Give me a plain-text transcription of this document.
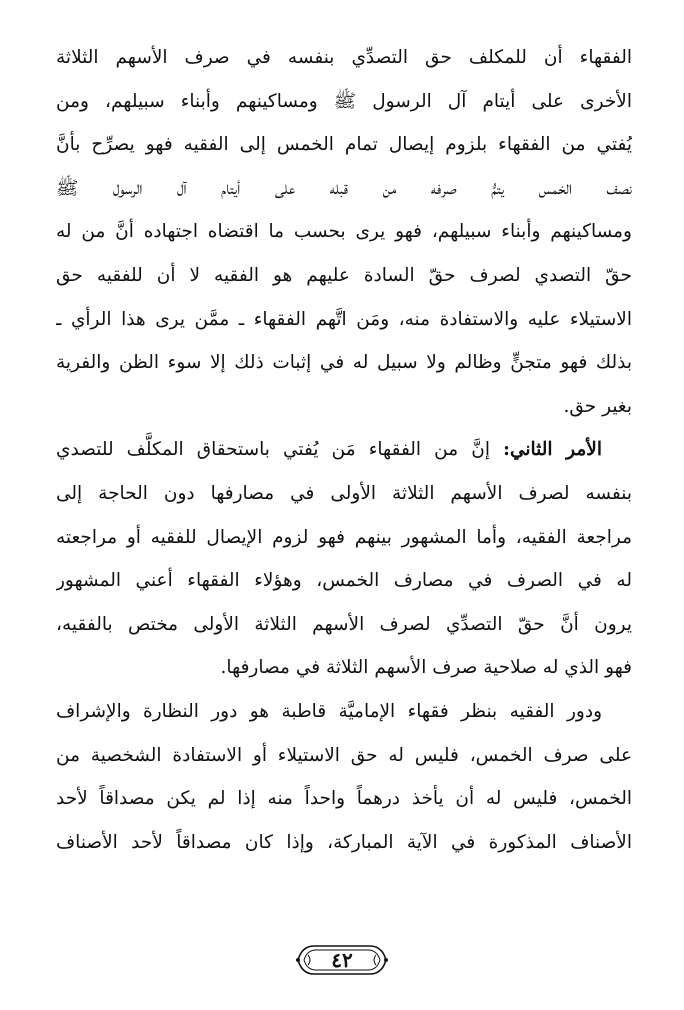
الفقهاء أن للمكلف حق التصدِّي بنفسه في صرف الأسهم الثلاثة
الأخرى على أيتام آل الرسول ﷺ ومساكينهم وأبناء سبيلهم، ومن
يُفتي من الفقهاء بلزوم إيصال تمام الخمس إلى الفقيه فهو يصرِّح بأنَّ
نصف الخمس يتمُّ صرفه من قبله على أيتام آل الرسول ﷺ
ومساكينهم وأبناء سبيلهم، فهو يرى بحسب ما اقتضاه اجتهاده أنَّ من له
حقّ التصدي لصرف حقّ السادة عليهم هو الفقيه لا أن للفقيه حق
الاستيلاء عليه والاستفادة منه، ومَن اتَّهم الفقهاء ـ ممَّن يرى هذا الرأي ـ
بذلك فهو متجنٍّ وظالم ولا سبيل له في إثبات ذلك إلا سوء الظن والفرية
بغير حق.
الأمر الثاني: إنَّ من الفقهاء مَن يُفتي باستحقاق المكلَّف للتصدي
بنفسه لصرف الأسهم الثلاثة الأولى في مصارفها دون الحاجة إلى
مراجعة الفقيه، وأما المشهور بينهم فهو لزوم الإيصال للفقيه أو مراجعته
له في الصرف في مصارف الخمس، وهؤلاء الفقهاء أعني المشهور
يرون أنَّ حقّ التصدِّي لصرف الأسهم الثلاثة الأولى مختص بالفقيه،
فهو الذي له صلاحية صرف الأسهم الثلاثة في مصارفها.
ودور الفقيه بنظر فقهاء الإماميَّة قاطبة هو دور النظارة والإشراف
على صرف الخمس، فليس له حق الاستيلاء أو الاستفادة الشخصية من
الخمس، فليس له أن يأخذ درهماً واحداً منه إذا لم يكن مصداقاً لأحد
الأصناف المذكورة في الآية المباركة، وإذا كان مصداقاً لأحد الأصناف
٤٢
